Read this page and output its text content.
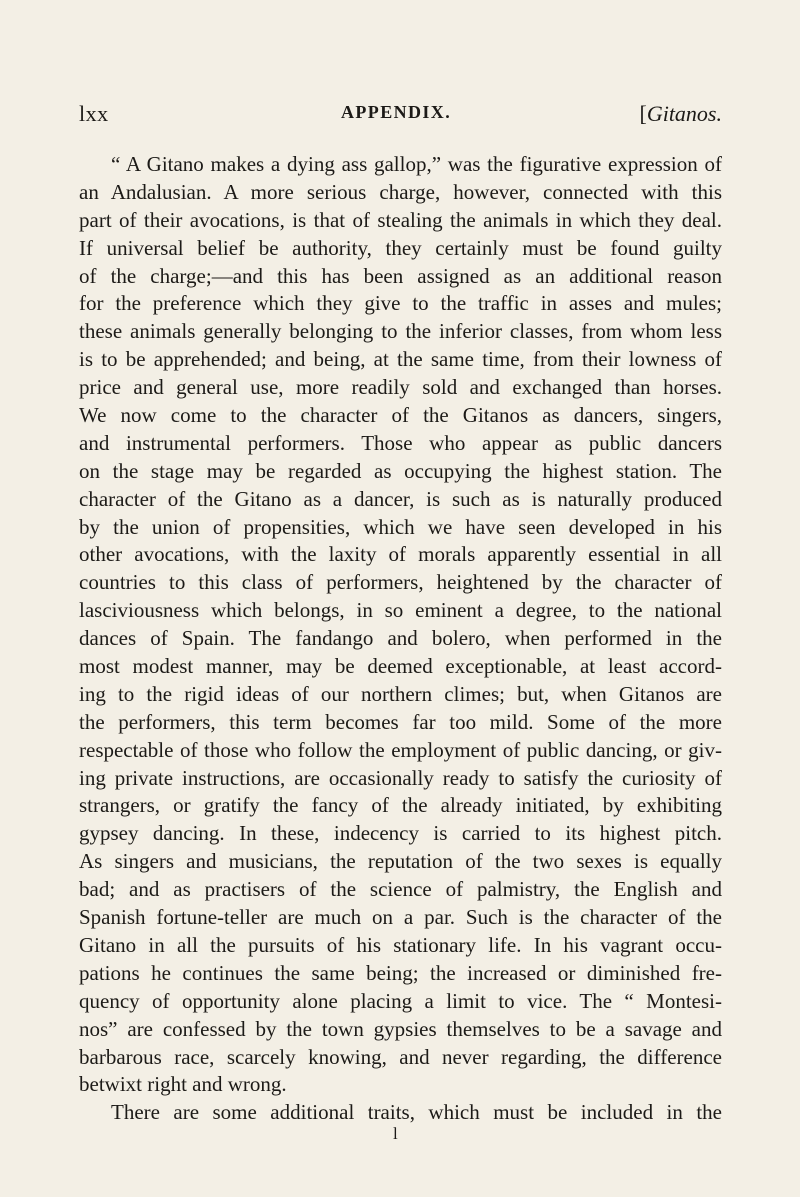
lxx	APPENDIX.	[Gitanos.
“ A Gitano makes a dying ass gallop,” was the figurative expression of
an Andalusian. A more serious charge, however, connected with this
part of their avocations, is that of stealing the animals in which they deal.
If universal belief be authority, they certainly must be found guilty
of the charge;—and this has been assigned as an additional reason
for the preference which they give to the traffic in asses and mules;
these animals generally belonging to the inferior classes, from whom less
is to be apprehended; and being, at the same time, from their lowness of
price and general use, more readily sold and exchanged than horses.
We now come to the character of the Gitanos as dancers, singers,
and instrumental performers. Those who appear as public dancers
on the stage may be regarded as occupying the highest station. The
character of the Gitano as a dancer, is such as is naturally produced
by the union of propensities, which we have seen developed in his
other avocations, with the laxity of morals apparently essential in all
countries to this class of performers, heightened by the character of
lasciviousness which belongs, in so eminent a degree, to the national
dances of Spain. The fandango and bolero, when performed in the
most modest manner, may be deemed exceptionable, at least accord-
ing to the rigid ideas of our northern climes; but, when Gitanos are
the performers, this term becomes far too mild. Some of the more
respectable of those who follow the employment of public dancing, or giv-
ing private instructions, are occasionally ready to satisfy the curiosity of
strangers, or gratify the fancy of the already initiated, by exhibiting
gypsey dancing. In these, indecency is carried to its highest pitch.
As singers and musicians, the reputation of the two sexes is equally
bad; and as practisers of the science of palmistry, the English and
Spanish fortune-teller are much on a par. Such is the character of the
Gitano in all the pursuits of his stationary life. In his vagrant occu-
pations he continues the same being; the increased or diminished fre-
quency of opportunity alone placing a limit to vice. The “ Montesi-
nos” are confessed by the town gypsies themselves to be a savage and
barbarous race, scarcely knowing, and never regarding, the difference
betwixt right and wrong.
There are some additional traits, which must be included in the
l
